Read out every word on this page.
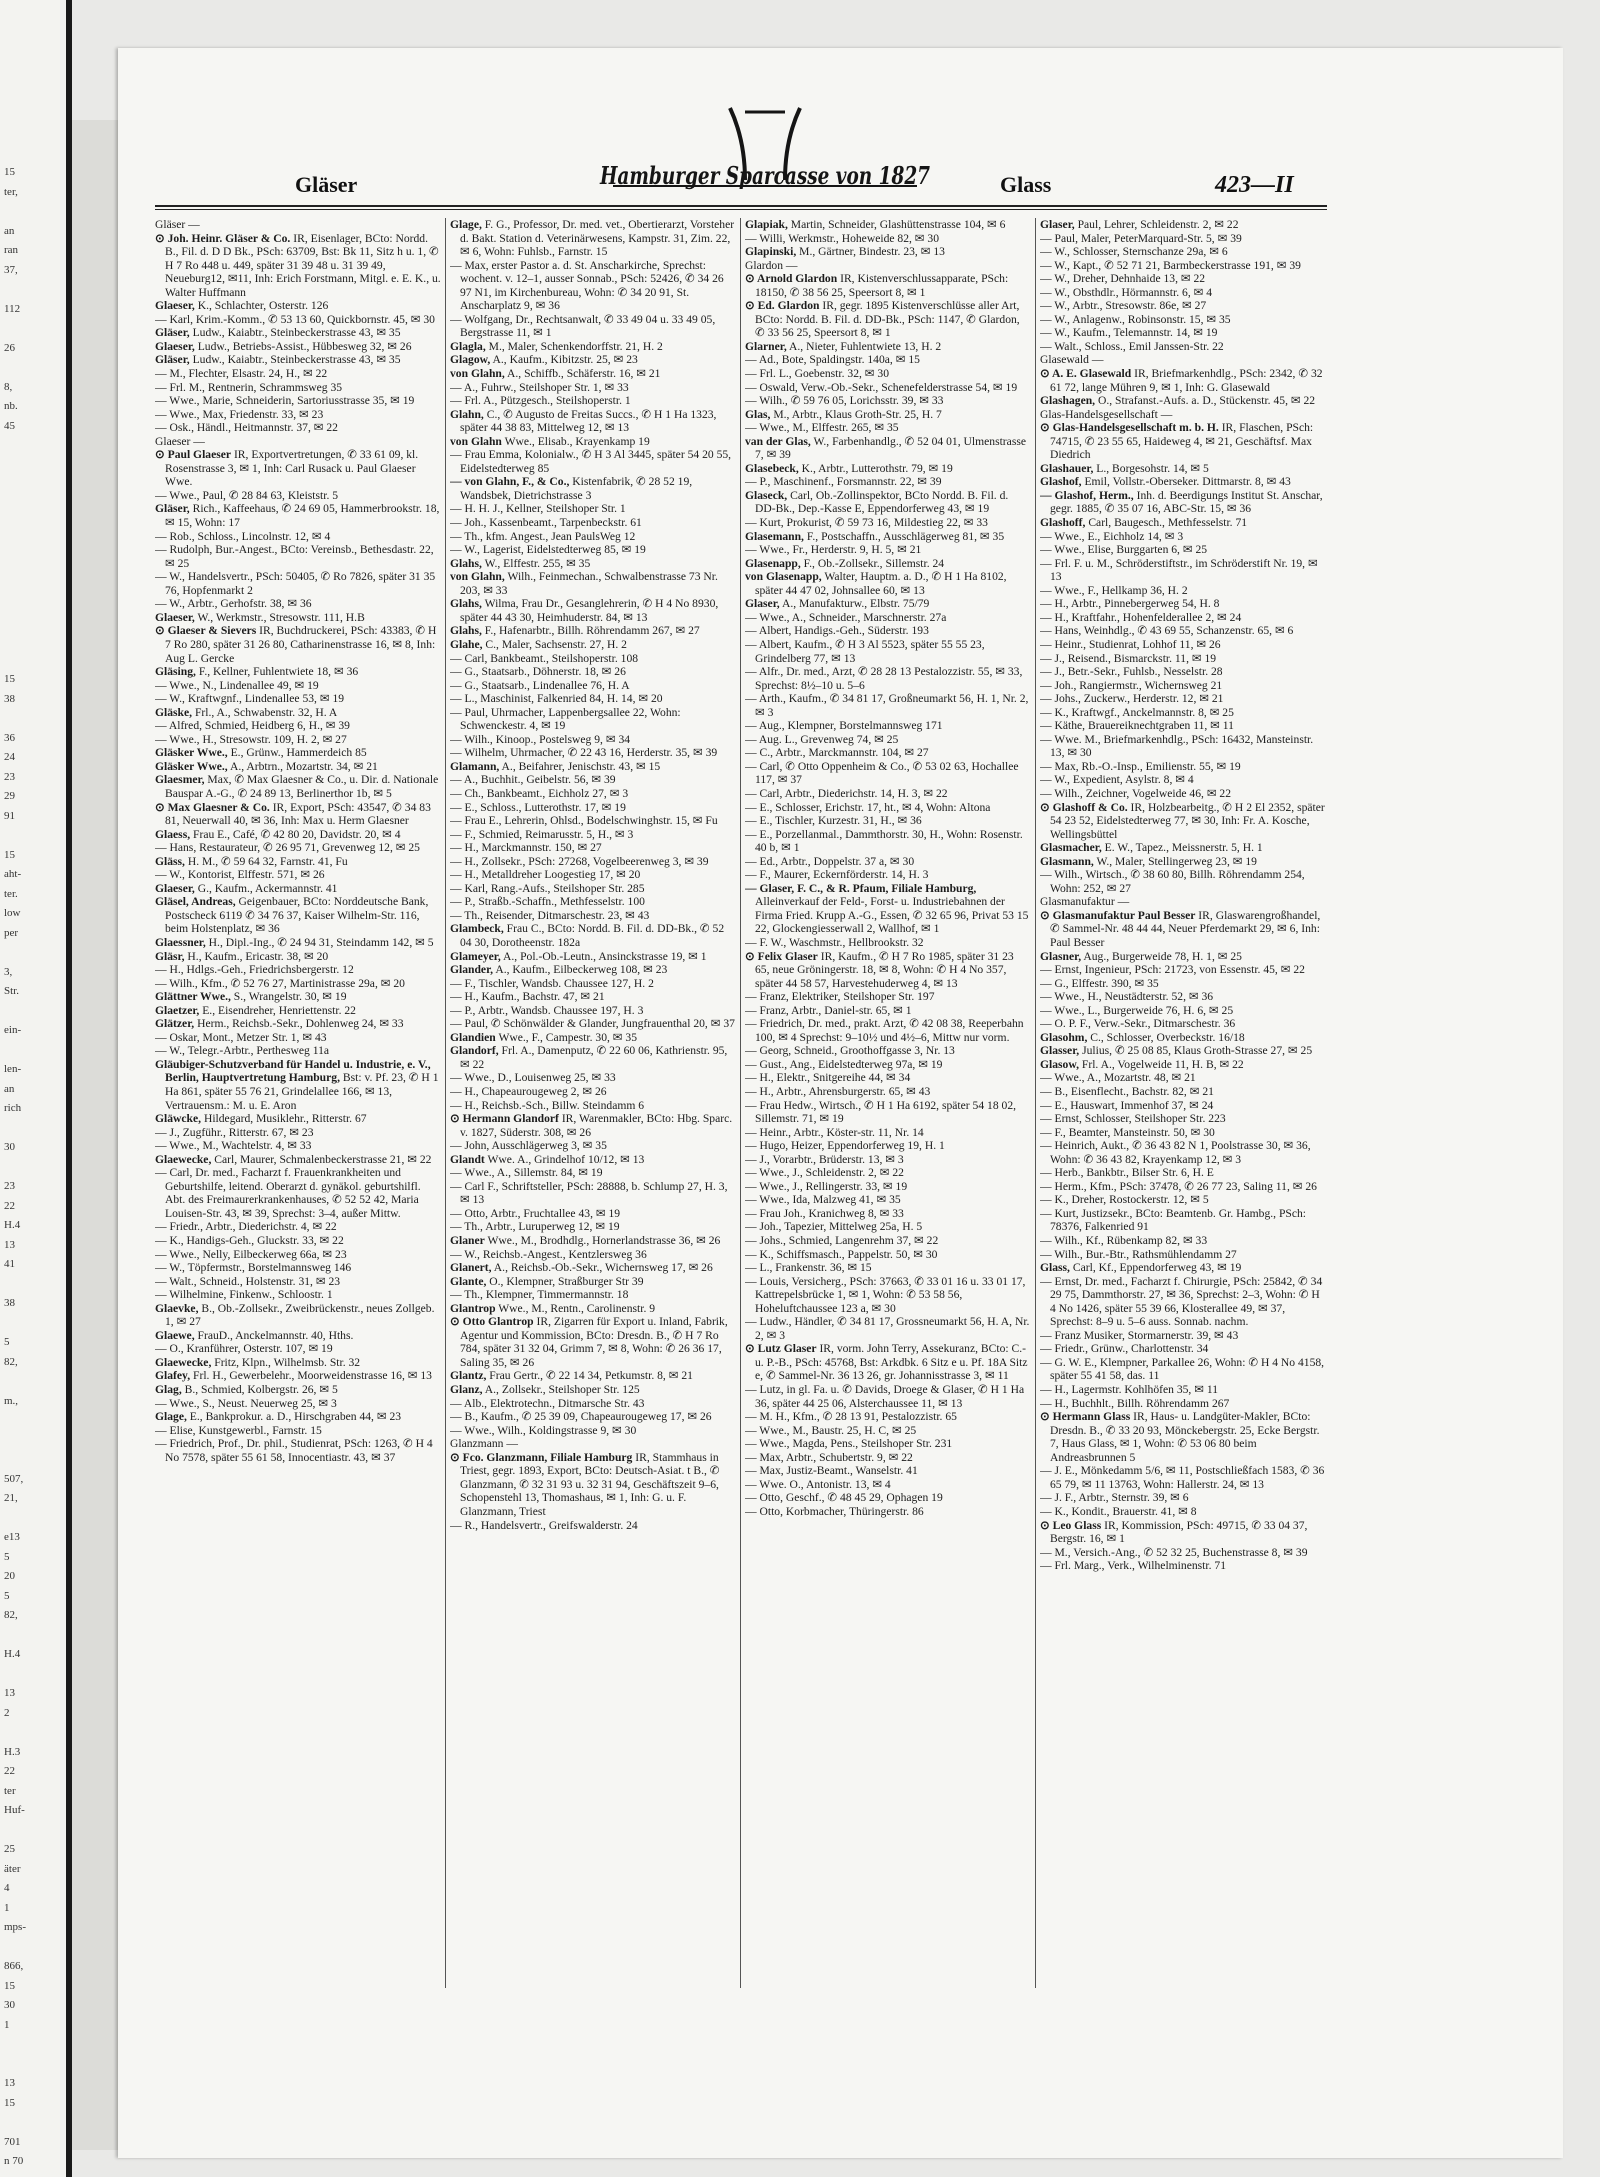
15
ter,
an
ran
37,
112
26
8,
nb.
45
15
38
36
24
23
29
91
15
aht-
ter.
low
per
3,
Str.
ein-
len-
an
rich
30
23
22
H.4
13
41
38
5
82,
m.,
507,
21,
e13
5
20
5
82,
H.4
13
2
H.3
22
ter
Huf-
25
äter
4
1
mps-
866,
15
30
1
13
15
701
n 70
Gläser	Hamburger Sparcasse von 1827	Glass	423—II

Gläser —

⊙ Joh. Heinr. Gläser & Co. IR, Eisenlager, BCto: Nordd. B., Fil. d. D D Bk., PSch: 63709, Bst: Bk 11, Sitz h u. 1, ✆ H 7 Ro 448 u. 449, später 31 39 48 u. 31 39 49, Neueburg12, ✉11, Inh: Erich Forstmann, Mitgl. e. E. K., u. Walter Huffmann

Glaeser, K., Schlachter, Osterstr. 126

— Karl, Krim.-Komm., ✆ 53 13 60, Quickbornstr. 45, ✉ 30

Gläser, Ludw., Kaiabtr., Steinbeckerstrasse 43, ✉ 35

Glaeser, Ludw., Betriebs-Assist., Hübbesweg 32, ✉ 26

Gläser, Ludw., Kaiabtr., Steinbeckerstrasse 43, ✉ 35

— M., Flechter, Elsastr. 24, H., ✉ 22

— Frl. M., Rentnerin, Schrammsweg 35

— Wwe., Marie, Schneiderin, Sartoriusstrasse 35, ✉ 19

— Wwe., Max, Friedenstr. 33, ✉ 23

— Osk., Händl., Heitmannstr. 37, ✉ 22

Glaeser —

⊙ Paul Glaeser IR, Exportvertretungen, ✆ 33 61 09, kl. Rosenstrasse 3, ✉ 1, Inh: Carl Rusack u. Paul Glaeser Wwe.

— Wwe., Paul, ✆ 28 84 63, Kleiststr. 5

Gläser, Rich., Kaffeehaus, ✆ 24 69 05, Hammerbrookstr. 18, ✉ 15, Wohn: 17

— Rob., Schloss., Lincolnstr. 12, ✉ 4

— Rudolph, Bur.-Angest., BCto: Vereinsb., Bethesdastr. 22, ✉ 25

— W., Handelsvertr., PSch: 50405, ✆ Ro 7826, später 31 35 76, Hopfenmarkt 2

— W., Arbtr., Gerhofstr. 38, ✉ 36

Glaeser, W., Werkmstr., Stresowstr. 111, H.B

⊙ Glaeser & Sievers IR, Buchdruckerei, PSch: 43383, ✆ H 7 Ro 280, später 31 26 80, Catharinenstrasse 16, ✉ 8, Inh: Aug L. Gercke

Gläsing, F., Kellner, Fuhlentwiete 18, ✉ 36

— Wwe., N., Lindenallee 49, ✉ 19

— W., Kraftwgnf., Lindenallee 53, ✉ 19

Gläske, Frl., A., Schwabenstr. 32, H. A

— Alfred, Schmied, Heidberg 6, H., ✉ 39

— Wwe., H., Stresowstr. 109, H. 2, ✉ 27

Gläsker Wwe., E., Grünw., Hammerdeich 85

Gläsker Wwe., A., Arbtrn., Mozartstr. 34, ✉ 21

Glaesmer, Max, ✆ Max Glaesner & Co., u. Dir. d. Nationale Bauspar A.-G., ✆ 24 89 13, Berlinerthor 1b, ✉ 5

⊙ Max Glaesner & Co. IR, Export, PSch: 43547, ✆ 34 83 81, Neuerwall 40, ✉ 36, Inh: Max u. Herm Glaesner

Glaess, Frau E., Café, ✆ 42 80 20, Davidstr. 20, ✉ 4

— Hans, Restaurateur, ✆ 26 95 71, Grevenweg 12, ✉ 25

Gläss, H. M., ✆ 59 64 32, Farnstr. 41, Fu

— W., Kontorist, Elffestr. 571, ✉ 26

Glaeser, G., Kaufm., Ackermannstr. 41

Gläsel, Andreas, Geigenbauer, BCto: Norddeutsche Bank, Postscheck 6119 ✆ 34 76 37, Kaiser Wilhelm-Str. 116, beim Holstenplatz, ✉ 36

Glaessner, H., Dipl.-Ing., ✆ 24 94 31, Steindamm 142, ✉ 5

Gläsr, H., Kaufm., Ericastr. 38, ✉ 20

— H., Hdlgs.-Geh., Friedrichsbergerstr. 12

— Wilh., Kfm., ✆ 52 76 27, Martinistrasse 29a, ✉ 20

Glättner Wwe., S., Wrangelstr. 30, ✉ 19

Glaetzer, E., Eisendreher, Henriettenstr. 22

Glätzer, Herm., Reichsb.-Sekr., Dohlenweg 24, ✉ 33

— Oskar, Mont., Metzer Str. 1, ✉ 43

— W., Telegr.-Arbtr., Perthesweg 11a

Gläubiger-Schutzverband für Handel u. Industrie, e. V., Berlin, Hauptvertretung Hamburg, Bst: v. Pf. 23, ✆ H 1 Ha 861, später 55 76 21, Grindelallee 166, ✉ 13, Vertrauensm.: M. u. E. Aron

Gläwcke, Hildegard, Musiklehr., Ritterstr. 67

— J., Zugführ., Ritterstr. 67, ✉ 23

— Wwe., M., Wachtelstr. 4, ✉ 33

Glaewecke, Carl, Maurer, Schmalenbeckerstrasse 21, ✉ 22

— Carl, Dr. med., Facharzt f. Frauenkrankheiten und Geburtshilfe, leitend. Oberarzt d. gynäkol. geburtshilfl. Abt. des Freimaurerkrankenhauses, ✆ 52 52 42, Maria Louisen-Str. 43, ✉ 39, Sprechst: 3–4, außer Mittw.

— Friedr., Arbtr., Diederichstr. 4, ✉ 22

— K., Handigs-Geh., Gluckstr. 33, ✉ 22

— Wwe., Nelly, Eilbeckerweg 66a, ✉ 23

— W., Töpfermstr., Borstelmannsweg 146

— Walt., Schneid., Holstenstr. 31, ✉ 23

— Wilhelmine, Finkenw., Schloostr. 1

Glaevke, B., Ob.-Zollsekr., Zweibrückenstr., neues Zollgeb. 1, ✉ 27

Glaewe, FrauD., Anckelmannstr. 40, Hths.

— O., Kranführer, Osterstr. 107, ✉ 19

Glaewecke, Fritz, Klpn., Wilhelmsb. Str. 32

Glafey, Frl. H., Gewerbelehr., Moorweidenstrasse 16, ✉ 13

Glag, B., Schmied, Kolbergstr. 26, ✉ 5

— Wwe., S., Neust. Neuerweg 25, ✉ 3

Glage, E., Bankprokur. a. D., Hirschgraben 44, ✉ 23

— Elise, Kunstgewerbl., Farnstr. 15

— Friedrich, Prof., Dr. phil., Studienrat, PSch: 1263, ✆ H 4 No 7578, später 55 61 58, Innocentiastr. 43, ✉ 37

Glage, F. G., Professor, Dr. med. vet., Obertierarzt, Vorsteher d. Bakt. Station d. Veterinärwesens, Kampstr. 31, Zim. 22, ✉ 6, Wohn: Fuhlsb., Farnstr. 15

— Max, erster Pastor a. d. St. Anscharkirche, Sprechst: wochent. v. 12–1, ausser Sonnab., PSch: 52426, ✆ 34 26 97 N1, im Kirchenbureau, Wohn: ✆ 34 20 91, St. Anscharplatz 9, ✉ 36

— Wolfgang, Dr., Rechtsanwalt, ✆ 33 49 04 u. 33 49 05, Bergstrasse 11, ✉ 1

Glagla, M., Maler, Schenkendorffstr. 21, H. 2

Glagow, A., Kaufm., Kibitzstr. 25, ✉ 23

von Glahn, A., Schiffb., Schäferstr. 16, ✉ 21

— A., Fuhrw., Steilshoper Str. 1, ✉ 33

— Frl. A., Pützgesch., Steilshoperstr. 1

Glahn, C., ✆ Augusto de Freitas Succs., ✆ H 1 Ha 1323, später 44 38 83, Mittelweg 12, ✉ 13

von Glahn Wwe., Elisab., Krayenkamp 19

— Frau Emma, Kolonialw., ✆ H 3 Al 3445, später 54 20 55, Eidelstedterweg 85

— von Glahn, F., & Co., Kistenfabrik, ✆ 28 52 19, Wandsbek, Dietrichstrasse 3

— H. H. J., Kellner, Steilshoper Str. 1

— Joh., Kassenbeamt., Tarpenbeckstr. 61

— Th., kfm. Angest., Jean PaulsWeg 12

— W., Lagerist, Eidelstedterweg 85, ✉ 19

Glahs, W., Elffestr. 255, ✉ 35

von Glahn, Wilh., Feinmechan., Schwalbenstrasse 73 Nr. 203, ✉ 33

Glahs, Wilma, Frau Dr., Gesanglehrerin, ✆ H 4 No 8930, später 44 43 30, Heimhuderstr. 84, ✉ 13

Glahs, F., Hafenarbtr., Billh. Röhrendamm 267, ✉ 27

Glahe, C., Maler, Sachsenstr. 27, H. 2

— Carl, Bankbeamt., Steilshoperstr. 108

— G., Staatsarb., Döhnerstr. 18, ✉ 26

— G., Staatsarb., Lindenallee 76, H. A

— L., Maschinist, Falkenried 84, H. 14, ✉ 20

— Paul, Uhrmacher, Lappenbergsallee 22, Wohn: Schwenckestr. 4, ✉ 19

— Wilh., Kinoop., Postelsweg 9, ✉ 34

— Wilhelm, Uhrmacher, ✆ 22 43 16, Herderstr. 35, ✉ 39

Glamann, A., Beifahrer, Jenischstr. 43, ✉ 15

— A., Buchhit., Geibelstr. 56, ✉ 39

— Ch., Bankbeamt., Eichholz 27, ✉ 3

— E., Schloss., Lutterothstr. 17, ✉ 19

— Frau E., Lehrerin, Ohlsd., Bodelschwinghstr. 15, ✉ Fu

— F., Schmied, Reimarusstr. 5, H., ✉ 3

— H., Marckmannstr. 150, ✉ 27

— H., Zollsekr., PSch: 27268, Vogelbeerenweg 3, ✉ 39

— H., Metalldreher Loogestieg 17, ✉ 20

— Karl, Rang.-Aufs., Steilshoper Str. 285

— P., Straßb.-Schaffn., Methfesselstr. 100

— Th., Reisender, Ditmarschestr. 23, ✉ 43

Glambeck, Frau C., BCto: Nordd. B. Fil. d. DD-Bk., ✆ 52 04 30, Dorotheenstr. 182a

Glameyer, A., Pol.-Ob.-Leutn., Ansinckstrasse 19, ✉ 1

Glander, A., Kaufm., Eilbeckerweg 108, ✉ 23

— F., Tischler, Wandsb. Chaussee 127, H. 2

— H., Kaufm., Bachstr. 47, ✉ 21

— P., Arbtr., Wandsb. Chaussee 197, H. 3

— Paul, ✆ Schönwälder & Glander, Jungfrauenthal 20, ✉ 37

Glandien Wwe., F., Campestr. 30, ✉ 35

Glandorf, Frl. A., Damenputz, ✆ 22 60 06, Kathrienstr. 95, ✉ 22

— Wwe., D., Louisenweg 25, ✉ 33

— H., Chapeaurougeweg 2, ✉ 26

— H., Reichsb.-Sch., Billw. Steindamm 6

⊙ Hermann Glandorf IR, Warenmakler, BCto: Hbg. Sparc. v. 1827, Süderstr. 308, ✉ 26

— John, Ausschlägerweg 3, ✉ 35

Glandt Wwe. A., Grindelhof 10/12, ✉ 13

— Wwe., A., Sillemstr. 84, ✉ 19

— Carl F., Schriftsteller, PSch: 28888, b. Schlump 27, H. 3, ✉ 13

— Otto, Arbtr., Fruchtallee 43, ✉ 19

— Th., Arbtr., Luruperweg 12, ✉ 19

Glaner Wwe., M., Brodhdlg., Hornerlandstrasse 36, ✉ 26

— W., Reichsb.-Angest., Kentzlersweg 36

Glanert, A., Reichsb.-Ob.-Sekr., Wichernsweg 17, ✉ 26

Glante, O., Klempner, Straßburger Str 39

— Th., Klempner, Timmermannstr. 18

Glantrop Wwe., M., Rentn., Carolinenstr. 9

⊙ Otto Glantrop IR, Zigarren für Export u. Inland, Fabrik, Agentur und Kommission, BCto: Dresdn. B., ✆ H 7 Ro 784, später 31 32 04, Grimm 7, ✉ 8, Wohn: ✆ 26 36 17, Saling 35, ✉ 26

Glantz, Frau Gertr., ✆ 22 14 34, Petkumstr. 8, ✉ 21

Glanz, A., Zollsekr., Steilshoper Str. 125

— Alb., Elektrotechn., Ditmarsche Str. 43

— B., Kaufm., ✆ 25 39 09, Chapeaurougeweg 17, ✉ 26

— Wwe., Wilh., Koldingstrasse 9, ✉ 30

Glanzmann —

⊙ Fco. Glanzmann, Filiale Hamburg IR, Stammhaus in Triest, gegr. 1893, Export, BCto: Deutsch-Asiat. t B., ✆ Glanzmann, ✆ 32 31 93 u. 32 31 94, Geschäftszeit 9–6, Schopenstehl 13, Thomashaus, ✉ 1, Inh: G. u. F. Glanzmann, Triest

— R., Handelsvertr., Greifswalderstr. 24

Glapiak, Martin, Schneider, Glashüttenstrasse 104, ✉ 6

— Willi, Werkmstr., Hoheweide 82, ✉ 30

Glapinski, M., Gärtner, Bindestr. 23, ✉ 13

Glardon —

⊙ Arnold Glardon IR, Kistenverschlussapparate, PSch: 18150, ✆ 38 56 25, Speersort 8, ✉ 1

⊙ Ed. Glardon IR, gegr. 1895 Kistenverschlüsse aller Art, BCto: Nordd. B. Fil. d. DD-Bk., PSch: 1147, ✆ Glardon, ✆ 33 56 25, Speersort 8, ✉ 1

Glarner, A., Nieter, Fuhlentwiete 13, H. 2

— Ad., Bote, Spaldingstr. 140a, ✉ 15

— Frl. L., Goebenstr. 32, ✉ 30

— Oswald, Verw.-Ob.-Sekr., Schenefelderstrasse 54, ✉ 19

— Wilh., ✆ 59 76 05, Lorichsstr. 39, ✉ 33

Glas, M., Arbtr., Klaus Groth-Str. 25, H. 7

— Wwe., M., Elffestr. 265, ✉ 35

van der Glas, W., Farbenhandlg., ✆ 52 04 01, Ulmenstrasse 7, ✉ 39

Glasebeck, K., Arbtr., Lutterothstr. 79, ✉ 19

— P., Maschinenf., Forsmannstr. 22, ✉ 39

Glaseck, Carl, Ob.-Zollinspektor, BCto Nordd. B. Fil. d. DD-Bk., Dep.-Kasse E, Eppendorferweg 43, ✉ 19

— Kurt, Prokurist, ✆ 59 73 16, Mildestieg 22, ✉ 33

Glasemann, F., Postschaffn., Ausschlägerweg 81, ✉ 35

— Wwe., Fr., Herderstr. 9, H. 5, ✉ 21

Glasenapp, F., Ob.-Zollsekr., Sillemstr. 24

von Glasenapp, Walter, Hauptm. a. D., ✆ H 1 Ha 8102, später 44 47 02, Johnsallee 60, ✉ 13

Glaser, A., Manufakturw., Elbstr. 75/79

— Wwe., A., Schneider., Marschnerstr. 27a

— Albert, Handigs.-Geh., Süderstr. 193

— Albert, Kaufm., ✆ H 3 Al 5523, später 55 55 23, Grindelberg 77, ✉ 13

— Alfr., Dr. med., Arzt, ✆ 28 28 13 Pestalozzistr. 55, ✉ 33, Sprechst: 8½–10 u. 5–6

— Arth., Kaufm., ✆ 34 81 17, Großneumarkt 56, H. 1, Nr. 2, ✉ 3

— Aug., Klempner, Borstelmannsweg 171

— Aug. L., Grevenweg 74, ✉ 25

— C., Arbtr., Marckmannstr. 104, ✉ 27

— Carl, ✆ Otto Oppenheim & Co., ✆ 53 02 63, Hochallee 117, ✉ 37

— Carl, Arbtr., Diederichstr. 14, H. 3, ✉ 22

— E., Schlosser, Erichstr. 17, ht., ✉ 4, Wohn: Altona

— E., Tischler, Kurzestr. 31, H., ✉ 36

— E., Porzellanmal., Dammthorstr. 30, H., Wohn: Rosenstr. 40 b, ✉ 1

— Ed., Arbtr., Doppelstr. 37 a, ✉ 30

— F., Maurer, Eckernförderstr. 14, H. 3

— Glaser, F. C., & R. Pfaum, Filiale Hamburg, Alleinverkauf der Feld-, Forst- u. Industriebahnen der Firma Fried. Krupp A.-G., Essen, ✆ 32 65 96, Privat 53 15 22, Glockengiesserwall 2, Wallhof, ✉ 1

— F. W., Waschmstr., Hellbrookstr. 32

⊙ Felix Glaser IR, Kaufm., ✆ H 7 Ro 1985, später 31 23 65, neue Gröningerstr. 18, ✉ 8, Wohn: ✆ H 4 No 357, später 44 58 57, Harvestehuderweg 4, ✉ 13

— Franz, Elektriker, Steilshoper Str. 197

— Franz, Arbtr., Daniel-str. 65, ✉ 1

— Friedrich, Dr. med., prakt. Arzt, ✆ 42 08 38, Reeperbahn 100, ✉ 4 Sprechst: 9–10½ und 4½–6, Mittw nur vorm.

— Georg, Schneid., Groothoffgasse 3, Nr. 13

— Gust., Ang., Eidelstedterweg 97a, ✉ 19

— H., Elektr., Snitgereihe 44, ✉ 34

— H., Arbtr., Ahrensburgerstr. 65, ✉ 43

— Frau Hedw., Wirtsch., ✆ H 1 Ha 6192, später 54 18 02, Sillemstr. 71, ✉ 19

— Heinr., Arbtr., Köster-str. 11, Nr. 14

— Hugo, Heizer, Eppendorferweg 19, H. 1

— J., Vorarbtr., Brüderstr. 13, ✉ 3

— Wwe., J., Schleidenstr. 2, ✉ 22

— Wwe., J., Rellingerstr. 33, ✉ 19

— Wwe., Ida, Malzweg 41, ✉ 35

— Frau Joh., Kranichweg 8, ✉ 33

— Joh., Tapezier, Mittelweg 25a, H. 5

— Johs., Schmied, Langenrehm 37, ✉ 22

— K., Schiffsmasch., Pappelstr. 50, ✉ 30

— L., Frankenstr. 36, ✉ 15

— Louis, Versicherg., PSch: 37663, ✆ 33 01 16 u. 33 01 17, Kattrepelsbrücke 1, ✉ 1, Wohn: ✆ 53 58 56, Hoheluftchaussee 123 a, ✉ 30

— Ludw., Händler, ✆ 34 81 17, Grossneumarkt 56, H. A, Nr. 2, ✉ 3

⊙ Lutz Glaser IR, vorm. John Terry, Assekuranz, BCto: C.- u. P.-B., PSch: 45768, Bst: Arkdbk. 6 Sitz e u. Pf. 18A Sitz e, ✆ Sammel-Nr. 36 13 26, gr. Johannisstrasse 3, ✉ 11

— Lutz, in gl. Fa. u. ✆ Davids, Droege & Glaser, ✆ H 1 Ha 36, später 44 25 06, Alsterchaussee 11, ✉ 13

— M. H., Kfm., ✆ 28 13 91, Pestalozzistr. 65

— Wwe., M., Baustr. 25, H. C, ✉ 25

— Wwe., Magda, Pens., Steilshoper Str. 231

— Max, Arbtr., Schubertstr. 9, ✉ 22

— Max, Justiz-Beamt., Wanselstr. 41

— Wwe. O., Antonistr. 13, ✉ 4

— Otto, Geschf., ✆ 48 45 29, Ophagen 19

— Otto, Korbmacher, Thüringerstr. 86

Glaser, Paul, Lehrer, Schleidenstr. 2, ✉ 22

— Paul, Maler, PeterMarquard-Str. 5, ✉ 39

— W., Schlosser, Sternschanze 29a, ✉ 6

— W., Kapt., ✆ 52 71 21, Barmbeckerstrasse 191, ✉ 39

— W., Dreher, Dehnhaide 13, ✉ 22

— W., Obsthdlr., Hörmannstr. 6, ✉ 4

— W., Arbtr., Stresowstr. 86e, ✉ 27

— W., Anlagenw., Robinsonstr. 15, ✉ 35

— W., Kaufm., Telemannstr. 14, ✉ 19

— Walt., Schloss., Emil Janssen-Str. 22

Glasewald —

⊙ A. E. Glasewald IR, Briefmarkenhdlg., PSch: 2342, ✆ 32 61 72, lange Mühren 9, ✉ 1, Inh: G. Glasewald

Glashagen, O., Strafanst.-Aufs. a. D., Stückenstr. 45, ✉ 22

Glas-Handelsgesellschaft —

⊙ Glas-Handelsgesellschaft m. b. H. IR, Flaschen, PSch: 74715, ✆ 23 55 65, Haideweg 4, ✉ 21, Geschäftsf. Max Diedrich

Glashauer, L., Borgesohstr. 14, ✉ 5

Glashof, Emil, Vollstr.-Oberseker. Dittmarstr. 8, ✉ 43

— Glashof, Herm., Inh. d. Beerdigungs Institut St. Anschar, gegr. 1885, ✆ 35 07 16, ABC-Str. 15, ✉ 36

Glashoff, Carl, Baugesch., Methfesselstr. 71

— Wwe., E., Eichholz 14, ✉ 3

— Wwe., Elise, Burggarten 6, ✉ 25

— Frl. F. u. M., Schröderstiftstr., im Schröderstift Nr. 19, ✉ 13

— Wwe., F., Hellkamp 36, H. 2

— H., Arbtr., Pinnebergerweg 54, H. 8

— H., Kraftfahr., Hohenfelderallee 2, ✉ 24

— Hans, Weinhdlg., ✆ 43 69 55, Schanzenstr. 65, ✉ 6

— Heinr., Studienrat, Lohhof 11, ✉ 26

— J., Reisend., Bismarckstr. 11, ✉ 19

— J., Betr.-Sekr., Fuhlsb., Nesselstr. 28

— Joh., Rangiermstr., Wichernsweg 21

— Johs., Zuckerw., Herderstr. 12, ✉ 21

— K., Kraftwgf., Anckelmannstr. 8, ✉ 25

— Käthe, Brauereiknechtgraben 11, ✉ 11

— Wwe. M., Briefmarkenhdlg., PSch: 16432, Mansteinstr. 13, ✉ 30

— Max, Rb.-O.-Insp., Emilienstr. 55, ✉ 19

— W., Expedient, Asylstr. 8, ✉ 4

— Wilh., Zeichner, Vogelweide 46, ✉ 22

⊙ Glashoff & Co. IR, Holzbearbeitg., ✆ H 2 El 2352, später 54 23 52, Eidelstedterweg 77, ✉ 30, Inh: Fr. A. Kosche, Wellingsbüttel

Glasmacher, E. W., Tapez., Meissnerstr. 5, H. 1

Glasmann, W., Maler, Stellingerweg 23, ✉ 19

— Wilh., Wirtsch., ✆ 38 60 80, Billh. Röhrendamm 254, Wohn: 252, ✉ 27

Glasmanufaktur —

⊙ Glasmanufaktur Paul Besser IR, Glaswarengroßhandel, ✆ Sammel-Nr. 48 44 44, Neuer Pferdemarkt 29, ✉ 6, Inh: Paul Besser

Glasner, Aug., Burgerweide 78, H. 1, ✉ 25

— Ernst, Ingenieur, PSch: 21723, von Essenstr. 45, ✉ 22

— G., Elffestr. 390, ✉ 35

— Wwe., H., Neustädterstr. 52, ✉ 36

— Wwe., L., Burgerweide 76, H. 6, ✉ 25

— O. P. F., Verw.-Sekr., Ditmarschestr. 36

Glasohm, C., Schlosser, Overbeckstr. 16/18

Glasser, Julius, ✆ 25 08 85, Klaus Groth-Strasse 27, ✉ 25

Glasow, Frl. A., Vogelweide 11, H. B, ✉ 22

— Wwe., A., Mozartstr. 48, ✉ 21

— B., Eisenflecht., Bachstr. 82, ✉ 21

— E., Hauswart, Immenhof 37, ✉ 24

— Ernst, Schlosser, Steilshoper Str. 223

— F., Beamter, Mansteinstr. 50, ✉ 30

— Heinrich, Aukt., ✆ 36 43 82 N 1, Poolstrasse 30, ✉ 36, Wohn: ✆ 36 43 82, Krayenkamp 12, ✉ 3

— Herb., Bankbtr., Bilser Str. 6, H. E

— Herm., Kfm., PSch: 37478, ✆ 26 77 23, Saling 11, ✉ 26

— K., Dreher, Rostockerstr. 12, ✉ 5

— Kurt, Justizsekr., BCto: Beamtenb. Gr. Hambg., PSch: 78376, Falkenried 91

— Wilh., Kf., Rübenkamp 82, ✉ 33

— Wilh., Bur.-Btr., Rathsmühlendamm 27

Glass, Carl, Kf., Eppendorferweg 43, ✉ 19

— Ernst, Dr. med., Facharzt f. Chirurgie, PSch: 25842, ✆ 34 29 75, Dammthorstr. 27, ✉ 36, Sprechst: 2–3, Wohn: ✆ H 4 No 1426, später 55 39 66, Klosterallee 49, ✉ 37, Sprechst: 8–9 u. 5–6 auss. Sonnab. nachm.

— Franz Musiker, Stormarnerstr. 39, ✉ 43

— Friedr., Grünw., Charlottenstr. 34

— G. W. E., Klempner, Parkallee 26, Wohn: ✆ H 4 No 4158, später 55 41 58, das. 11

— H., Lagermstr. Kohlhöfen 35, ✉ 11

— H., Buchhlt., Billh. Röhrendamm 267

⊙ Hermann Glass IR, Haus- u. Landgüter-Makler, BCto: Dresdn. B., ✆ 33 20 93, Mönckebergstr. 25, Ecke Bergstr. 7, Haus Glass, ✉ 1, Wohn: ✆ 53 06 80 beim Andreasbrunnen 5

— J. E., Mönkedamm 5/6, ✉ 11, Postschließfach 1583, ✆ 36 65 79, ✉ 11 13763, Wohn: Hallerstr. 24, ✉ 13

— J. F., Arbtr., Sternstr. 39, ✉ 6

— K., Kondit., Brauerstr. 41, ✉ 8

⊙ Leo Glass IR, Kommission, PSch: 49715, ✆ 33 04 37, Bergstr. 16, ✉ 1

— M., Versich.-Ang., ✆ 52 32 25, Buchenstrasse 8, ✉ 39

— Frl. Marg., Verk., Wilhelminenstr. 71
